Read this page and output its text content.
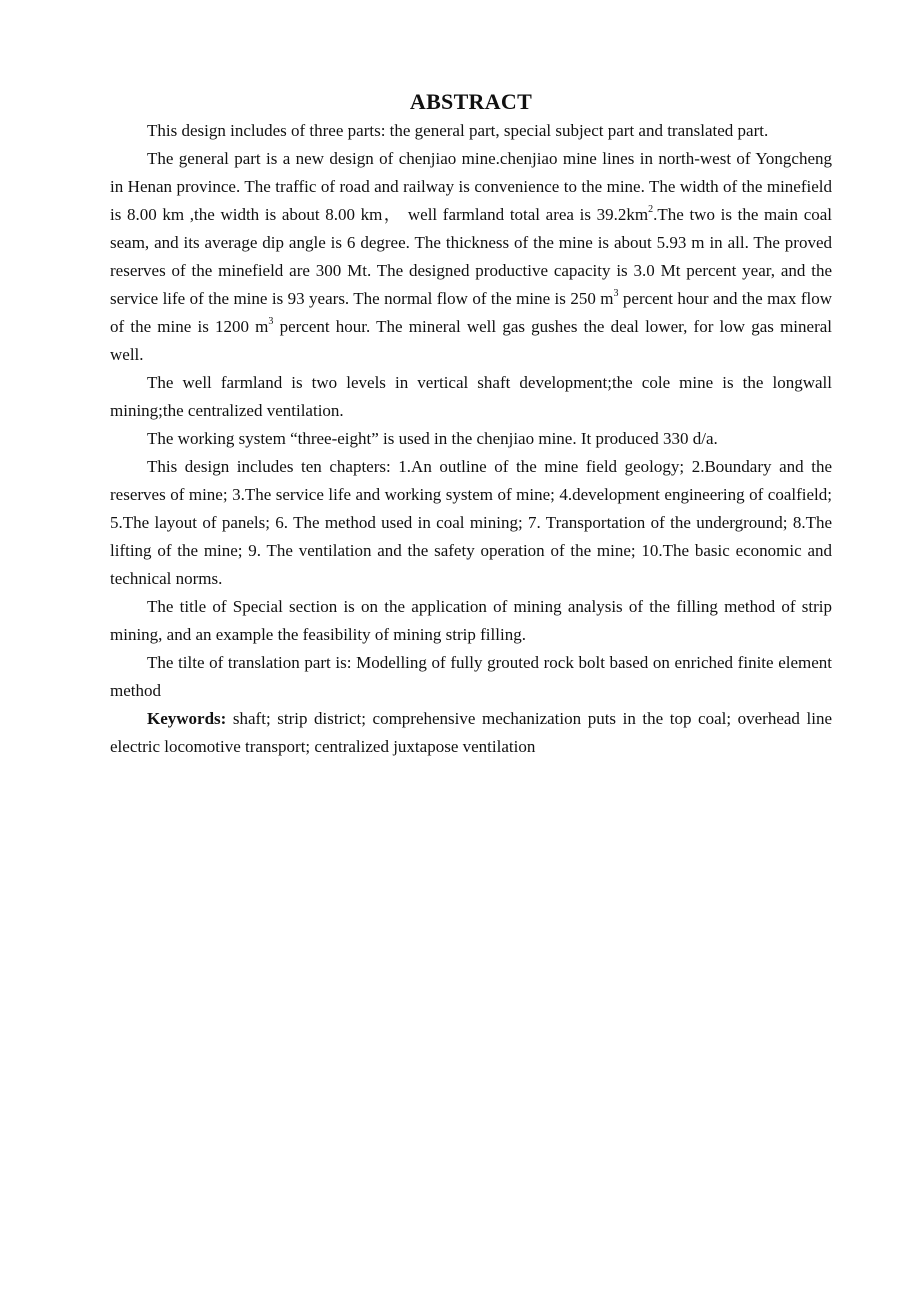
ABSTRACT

This design includes of three parts: the general part, special subject part and translated part.

The general part is a new design of chenjiao mine.chenjiao mine lines in north-west of Yongcheng in Henan province. The traffic of road and railway is convenience to the mine. The width of the minefield is 8.00 km ,the width is about 8.00 km， well farmland total area is $39.2km^2.The$ two is the main coal seam, and its average dip angle is 6 degree. The thickness of the mine is about 5.93 m in all. The proved reserves of the minefield are 300 Mt. The designed productive capacity is 3.0 Mt percent year, and the service life of the mine is 93 years. The normal flow of the mine is 250 $m^3$ percent hour and the max flow of the mine is 1200 $m^3$ percent hour. The mineral well gas gushes the deal lower, for low gas mineral well.

The well farmland is two levels in vertical shaft development;the cole mine is the longwall mining;the centralized ventilation.

The working system “three-eight” is used in the chenjiao mine. It produced 330 d/a.

This design includes ten chapters: 1.An outline of the mine field geology; 2.Boundary and the reserves of mine; 3.The service life and working system of mine; 4.development engineering of coalfield; 5.The layout of panels; 6. The method used in coal mining; 7. Transportation of the underground; 8.The lifting of the mine; 9. The ventilation and the safety operation of the mine; 10.The basic economic and technical norms.

The title of Special section is on the application of mining analysis of the filling method of strip mining, and an example the feasibility of mining strip filling.

The tilte of translation part is: Modelling of fully grouted rock bolt based on enriched finite element method

Keywords: shaft; strip district; comprehensive mechanization puts in the top coal; overhead line electric locomotive transport; centralized juxtapose ventilation
